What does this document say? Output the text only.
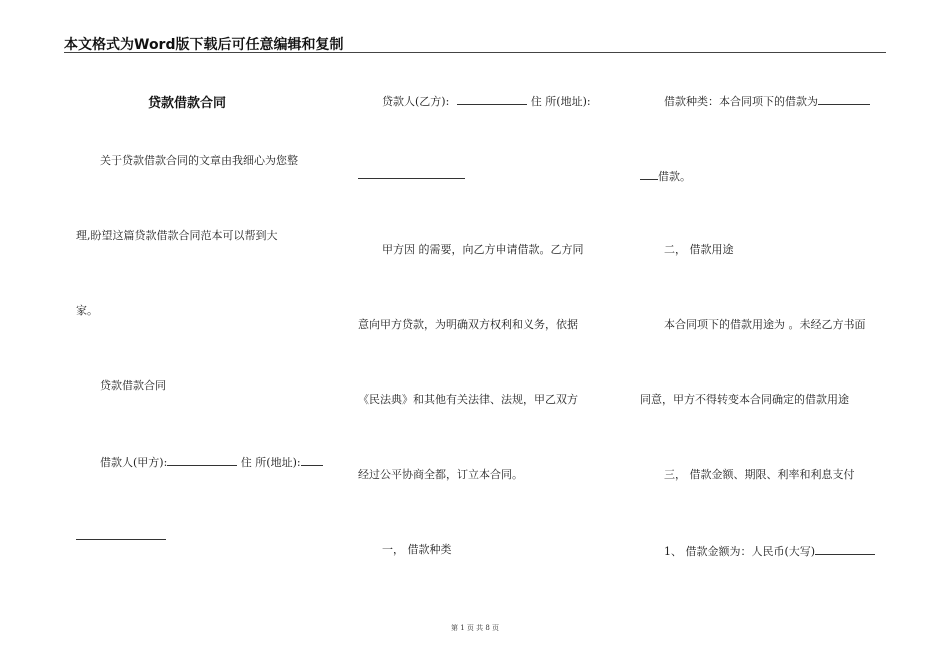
本文格式为Word版下载后可任意编辑和复制
贷款借款合同
关于贷款借款合同的文章由我细心为您整
理,盼望这篇贷款借款合同范本可以帮到大
家。
贷款借款合同
借款人(甲方):	住 所(地址):
贷款人(乙方):	住 所(地址):
甲方因 的需要，向乙方申请借款。乙方同
意向甲方贷款，为明确双方权利和义务，依据
《民法典》和其他有关法律、法规，甲乙双方
经过公平协商全都，订立本合同。
一， 借款种类
借款种类：本合同项下的借款为
借款。
二， 借款用途
本合同项下的借款用途为 。未经乙方书面
同意，甲方不得转变本合同确定的借款用途
三， 借款金额、期限、利率和利息支付
1、 借款金额为：人民币(大写)
第 1 页 共 8 页
